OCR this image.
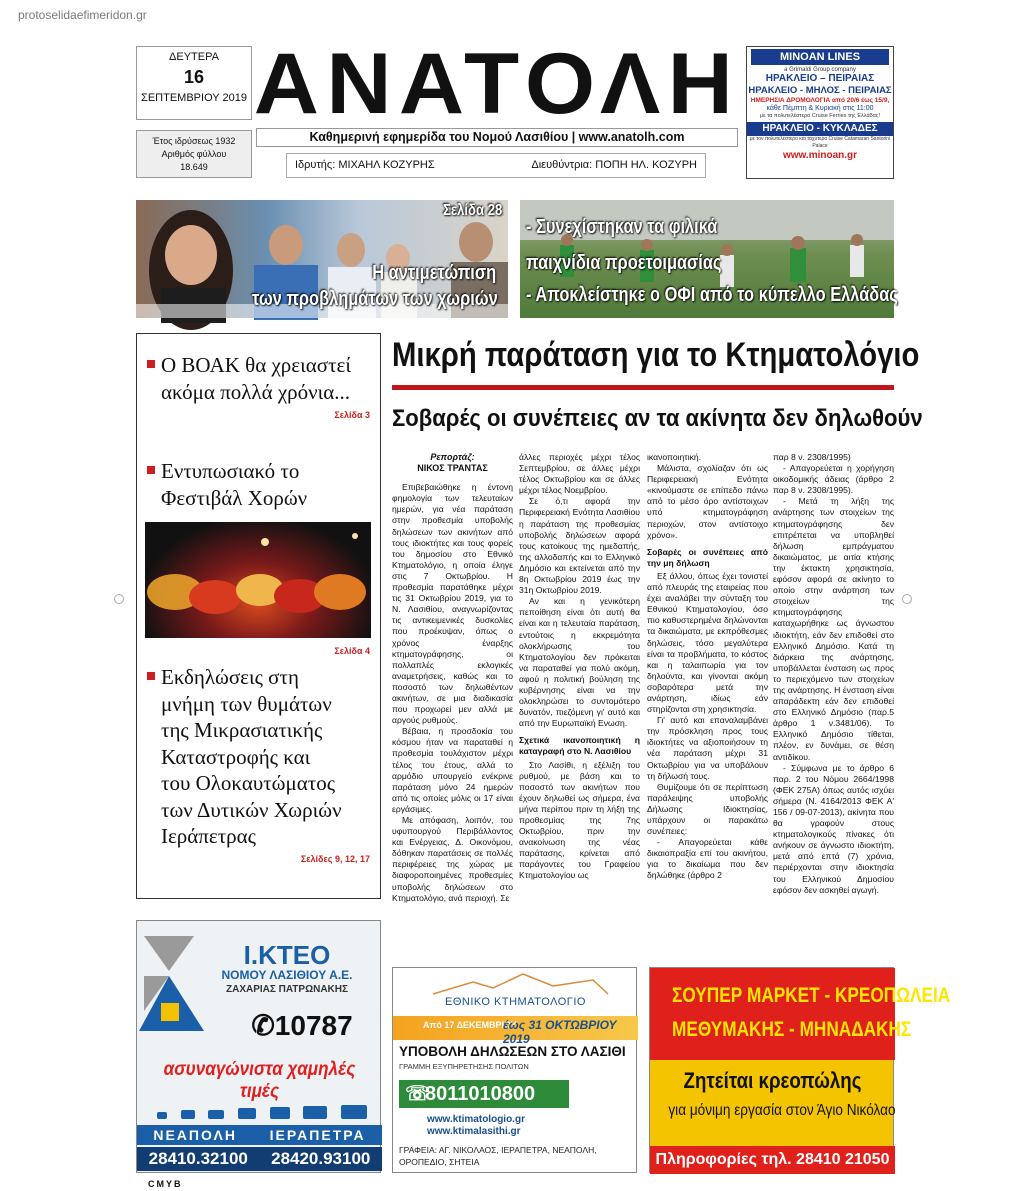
protoselidaefimeridon.gr
ΔΕΥΤΕΡΑ
16
ΣΕΠΤΕΜΒΡΙΟΥ 2019
Έτος ιδρύσεως 1932
Αριθμός φύλλου
18.649
ΑΝΑΤΟΛΗ
Καθημερινή εφημερίδα του Νομού Λασιθίου | www.anatolh.com
Ιδρυτής: ΜΙΧΑΗΛ ΚΟΖΥΡΗΣ	Διευθύντρια: ΠΟΠΗ ΗΛ. ΚΟΖΥΡΗ
MINOAN LINES
a Grimaldi Group company
ΗΡΑΚΛΕΙΟ – ΠΕΙΡΑΙΑΣ
ΗΡΑΚΛΕΙΟ - ΜΗΛΟΣ - ΠΕΙΡΑΙΑΣ
ΗΜΕΡΗΣΙΑ ΔΡΟΜΟΛΟΓΙΑ από 20/6 έως 15/9,
κάθε Πέμπτη & Κυριακή στις 11:00
με τα πολυτελέστερα Cruise Ferries της Ελλάδας!
ΗΡΑΚΛΕΙΟ - ΚΥΚΛΑΔΕΣ
με τον πολυτελέστερο και ταχύτερο Cruise Catamaran Santorini Palace
www.minoan.gr
Σελίδα 28
Η αντιμετώπιση
των προβλημάτων των χωριών
- Συνεχίστηκαν τα φιλικά
παιχνίδια προετοιμασίας
- Αποκλείστηκε ο ΟΦΙ από το κύπελλο Ελλάδας
Ο ΒΟΑΚ θα χρειαστεί
ακόμα πολλά χρόνια...
Σελίδα 3
Εντυπωσιακό το
Φεστιβάλ Χορών
Σελίδα 4
Εκδηλώσεις στη
μνήμη των θυμάτων
της Μικρασιατικής
Καταστροφής και
του Ολοκαυτώματος
των Δυτικών Χωριών
Ιεράπετρας
Σελίδες 9, 12, 17
Μικρή παράταση για το Κτηματολόγιο
Σοβαρές οι συνέπειες αν τα ακίνητα δεν δηλωθούν
Ρεπορτάζ:
ΝΙΚΟΣ ΤΡΑΝΤΑΣ

Επιβεβαιώθηκε η έντονη φημολογία των τελευταίων ημερών, για νέα παράταση στην προθεσμία υποβολής δηλώσεων των ακινήτων από τους ιδιοκτήτες και τους φορείς του δημοσίου στο Εθνικό Κτηματολόγιο, η οποία έληγε στις 7 Οκτωβρίου. Η προθεσμία παρατάθηκε μέχρι τις 31 Οκτωβρίου 2019, για το Ν. Λασιθίου, αναγνωρίζοντας τις αντικειμενικές δυσκολίες που προέκυψαν, όπως ο χρόνος έναρξης κτηματογράφησης, οι πολλαπλές εκλογικές αναμετρήσεις, καθώς και το ποσοστό των δηλωθέντων ακινήτων, σε μια διαδικασία που προχωρεί μεν αλλά με αργούς ρυθμούς.

Βέβαια, η προσδοκία του κόσμου ήταν να παραταθεί η προθεσμία τουλάχιστον μέχρι τέλος του έτους, αλλά το αρμόδιο υπουργείο ενέκρινε παράταση μόνο 24 ημερών από τις οποίες μόλις οι 17 είναι εργάσιμες.

Με απόφαση, λοιπόν, του υφυπουργού Περιβάλλοντος και Ενέργειας, Δ. Οικονόμου, δόθηκαν παρατάσεις σε πολλές περιφέρειες της χώρας με διαφοροποιημένες προθεσμίες υποβολής δηλώσεων στο Κτηματολόγιο, ανά περιοχή. Σε

άλλες περιοχές μέχρι τέλος Σεπτεμβρίου, σε άλλες μέχρι τέλος Οκτωβρίου και σε άλλες μέχρι τέλος Νοεμβρίου.

Σε ό,τι αφορά την Περιφερειακή Ενότητα Λασιθίου η παράταση της προθεσμίας υποβολής δηλώσεων αφορά τους κατοίκους της ημεδαπής, της αλλοδαπής και το Ελληνικό Δημόσιο και εκτείνεται από την 8η Οκτωβρίου 2019 έως την 31η Οκτωβρίου 2019.

Αν και η γενικότερη πεποίθηση είναι ότι αυτή θα είναι και η τελευταία παράταση, εντούτοις η εκκρεμότητα ολοκλήρωσης του Κτηματολογίου δεν πρόκειται να παραταθεί για πολύ ακόμη, αφού η πολιτική βούληση της κυβέρνησης είναι να την ολοκληρώσει το συντομότερο δυνατόν, πιεζόμενη γι' αυτό και από την Ευρωπαϊκή Ενωση.

Σχετικά ικανοποιητική η καταγραφή στο Ν. Λασιθίου

Στο Λασίθι, η εξέλιξη του ρυθμού, με βάση και το ποσοστό των ακινήτων που έχουν δηλωθεί ως σήμερα, ένα μήνα περίπου πριν τη λήξη της προθεσμίας της 7ης Οκτωβρίου, πριν την ανακοίνωση της νέας παράτασης, κρίνεται από παράγοντες του Γραφείου Κτηματολογίου ως

ικανοποιητική.

Μάλιστα, σχολίαζαν ότι ως Περιφερειακή Ενότητα «κινούμαστε σε επίπεδο πάνω από το μέσο όρο αντίστοιχων υπό κτηματογράφηση περιοχών, στον αντίστοιχο χρόνο».

Σοβαρές οι συνέπειες από την μη δήλωση

Εξ άλλου, όπως έχει τονιστεί από πλευράς της εταιρείας που έχει αναλάβει την σύνταξη του Εθνικού Κτηματολογίου, όσο πιο καθυστερημένα δηλώνονται τα δικαιώματα, με εκπρόθεσμες δηλώσεις, τόσο μεγαλύτερα είναι τα προβλήματα, το κόστος και η ταλαιπωρία για τον δηλούντα, και γίνονται ακόμη σοβαρότερα μετά την ανάρτηση, ιδίως εάν στηρίζονται στη χρησικτησία.

Γι' αυτό και επαναλαμβάνει την πρόσκληση προς τους ιδιοκτήτες να αξιοποιήσουν τη νέα παράταση μέχρι 31 Οκτωβρίου για να υποβάλουν τη δήλωσή τους.

Θυμίζουμε ότι σε περίπτωση παράλειψης υποβολής Δήλωσης Ιδιοκτησίας, υπάρχουν οι παρακάτω συνέπειες:

- Απαγορεύεται κάθε δικαιοπραξία επί του ακινήτου, για το δικαίωμα που δεν δηλώθηκε (άρθρο 2

παρ 8 ν. 2308/1995)

- Απαγορεύεται η χορήγηση οικοδομικής άδειας (άρθρο 2 παρ 8 ν. 2308/1995).

- Μετά τη λήξη της ανάρτησης των στοιχείων της κτηματογράφησης δεν επιτρέπεται να υποβληθεί δήλωση εμπράγματου δικαιώματος, με αιτία κτήσης την έκτακτη χρησικτησία, εφόσον αφορά σε ακίνητο το οποίο στην ανάρτηση των στοιχείων της κτηματογράφησης καταχωρήθηκε ως άγνωστου ιδιοκτήτη, εάν δεν επιδοθεί στο Ελληνικό Δημόσιο. Κατά τη διάρκεια της ανάρτησης, υποβάλλεται ένσταση ως προς το περιεχόμενο των στοιχείων της ανάρτησης. Η ένσταση είναι απαράδεκτη εάν δεν επιδοθεί στο Ελληνικό Δημόσιο (παρ.5 άρθρο 1 ν.3481/06). Το Ελληνικό Δημόσιο τίθεται, πλέον, εν δυνάμει, σε θέση αντιδίκου.

- Σύμφωνα με το άρθρο 6 παρ. 2 του Νόμου 2664/1998 (ΦΕΚ 275Α) όπως αυτός ισχύει σήμερα (Ν. 4164/2013 ΦΕΚ Α' 156 / 09-07-2013), ακίνητα που θα γραφούν στους κτηματολογικούς πίνακες ότι ανήκουν σε άγνωστο ιδιοκτήτη, μετά από επτά (7) χρόνια, περιέρχονται στην ιδιοκτησία του Ελληνικού Δημοσίου εφόσον δεν ασκηθεί αγωγή.

Ι.ΚΤΕΟ
ΝΟΜΟΥ ΛΑΣΙΘΙΟΥ Α.Ε.
ΖΑΧΑΡΙΑΣ ΠΑΤΡΩΝΑΚΗΣ
✆10787
ασυναγώνιστα χαμηλές τιμές
ΝΕΑΠΟΛΗ ΙΕΡΑΠΕΤΡΑ
28410.32100 28420.93100
ΕΘΝΙΚΟ ΚΤΗΜΑΤΟΛΟΓΙΟ
Από 17 ΔΕΚΕΜΒΡΙΟΥ
έως 31 ΟΚΤΩΒΡΙΟΥ 2019
ΥΠΟΒΟΛΗ ΔΗΛΩΣΕΩΝ ΣΤΟ ΛΑΣΙΘΙ
ΓΡΑΜΜΗ ΕΞΥΠΗΡΕΤΗΣΗΣ ΠΟΛΙΤΩΝ
☏
8011010800
www.ktimatologio.gr
www.ktimalasithi.gr
ΓΡΑΦΕΙΑ: ΑΓ. ΝΙΚΟΛΑΟΣ, ΙΕΡΑΠΕΤΡΑ, ΝΕΑΠΟΛΗ, ΟΡΟΠΕΔΙΟ, ΣΗΤΕΙΑ
ΣΟΥΠΕΡ ΜΑΡΚΕΤ - ΚΡΕΟΠΩΛΕΙΑ
ΜΕΘΥΜΑΚΗΣ - ΜΗΝΑΔΑΚΗΣ
Ζητείται κρεοπώλης
για μόνιμη εργασία στον Άγιο Νικόλαο
Πληροφορίες τηλ. 28410 21050
CMYB
